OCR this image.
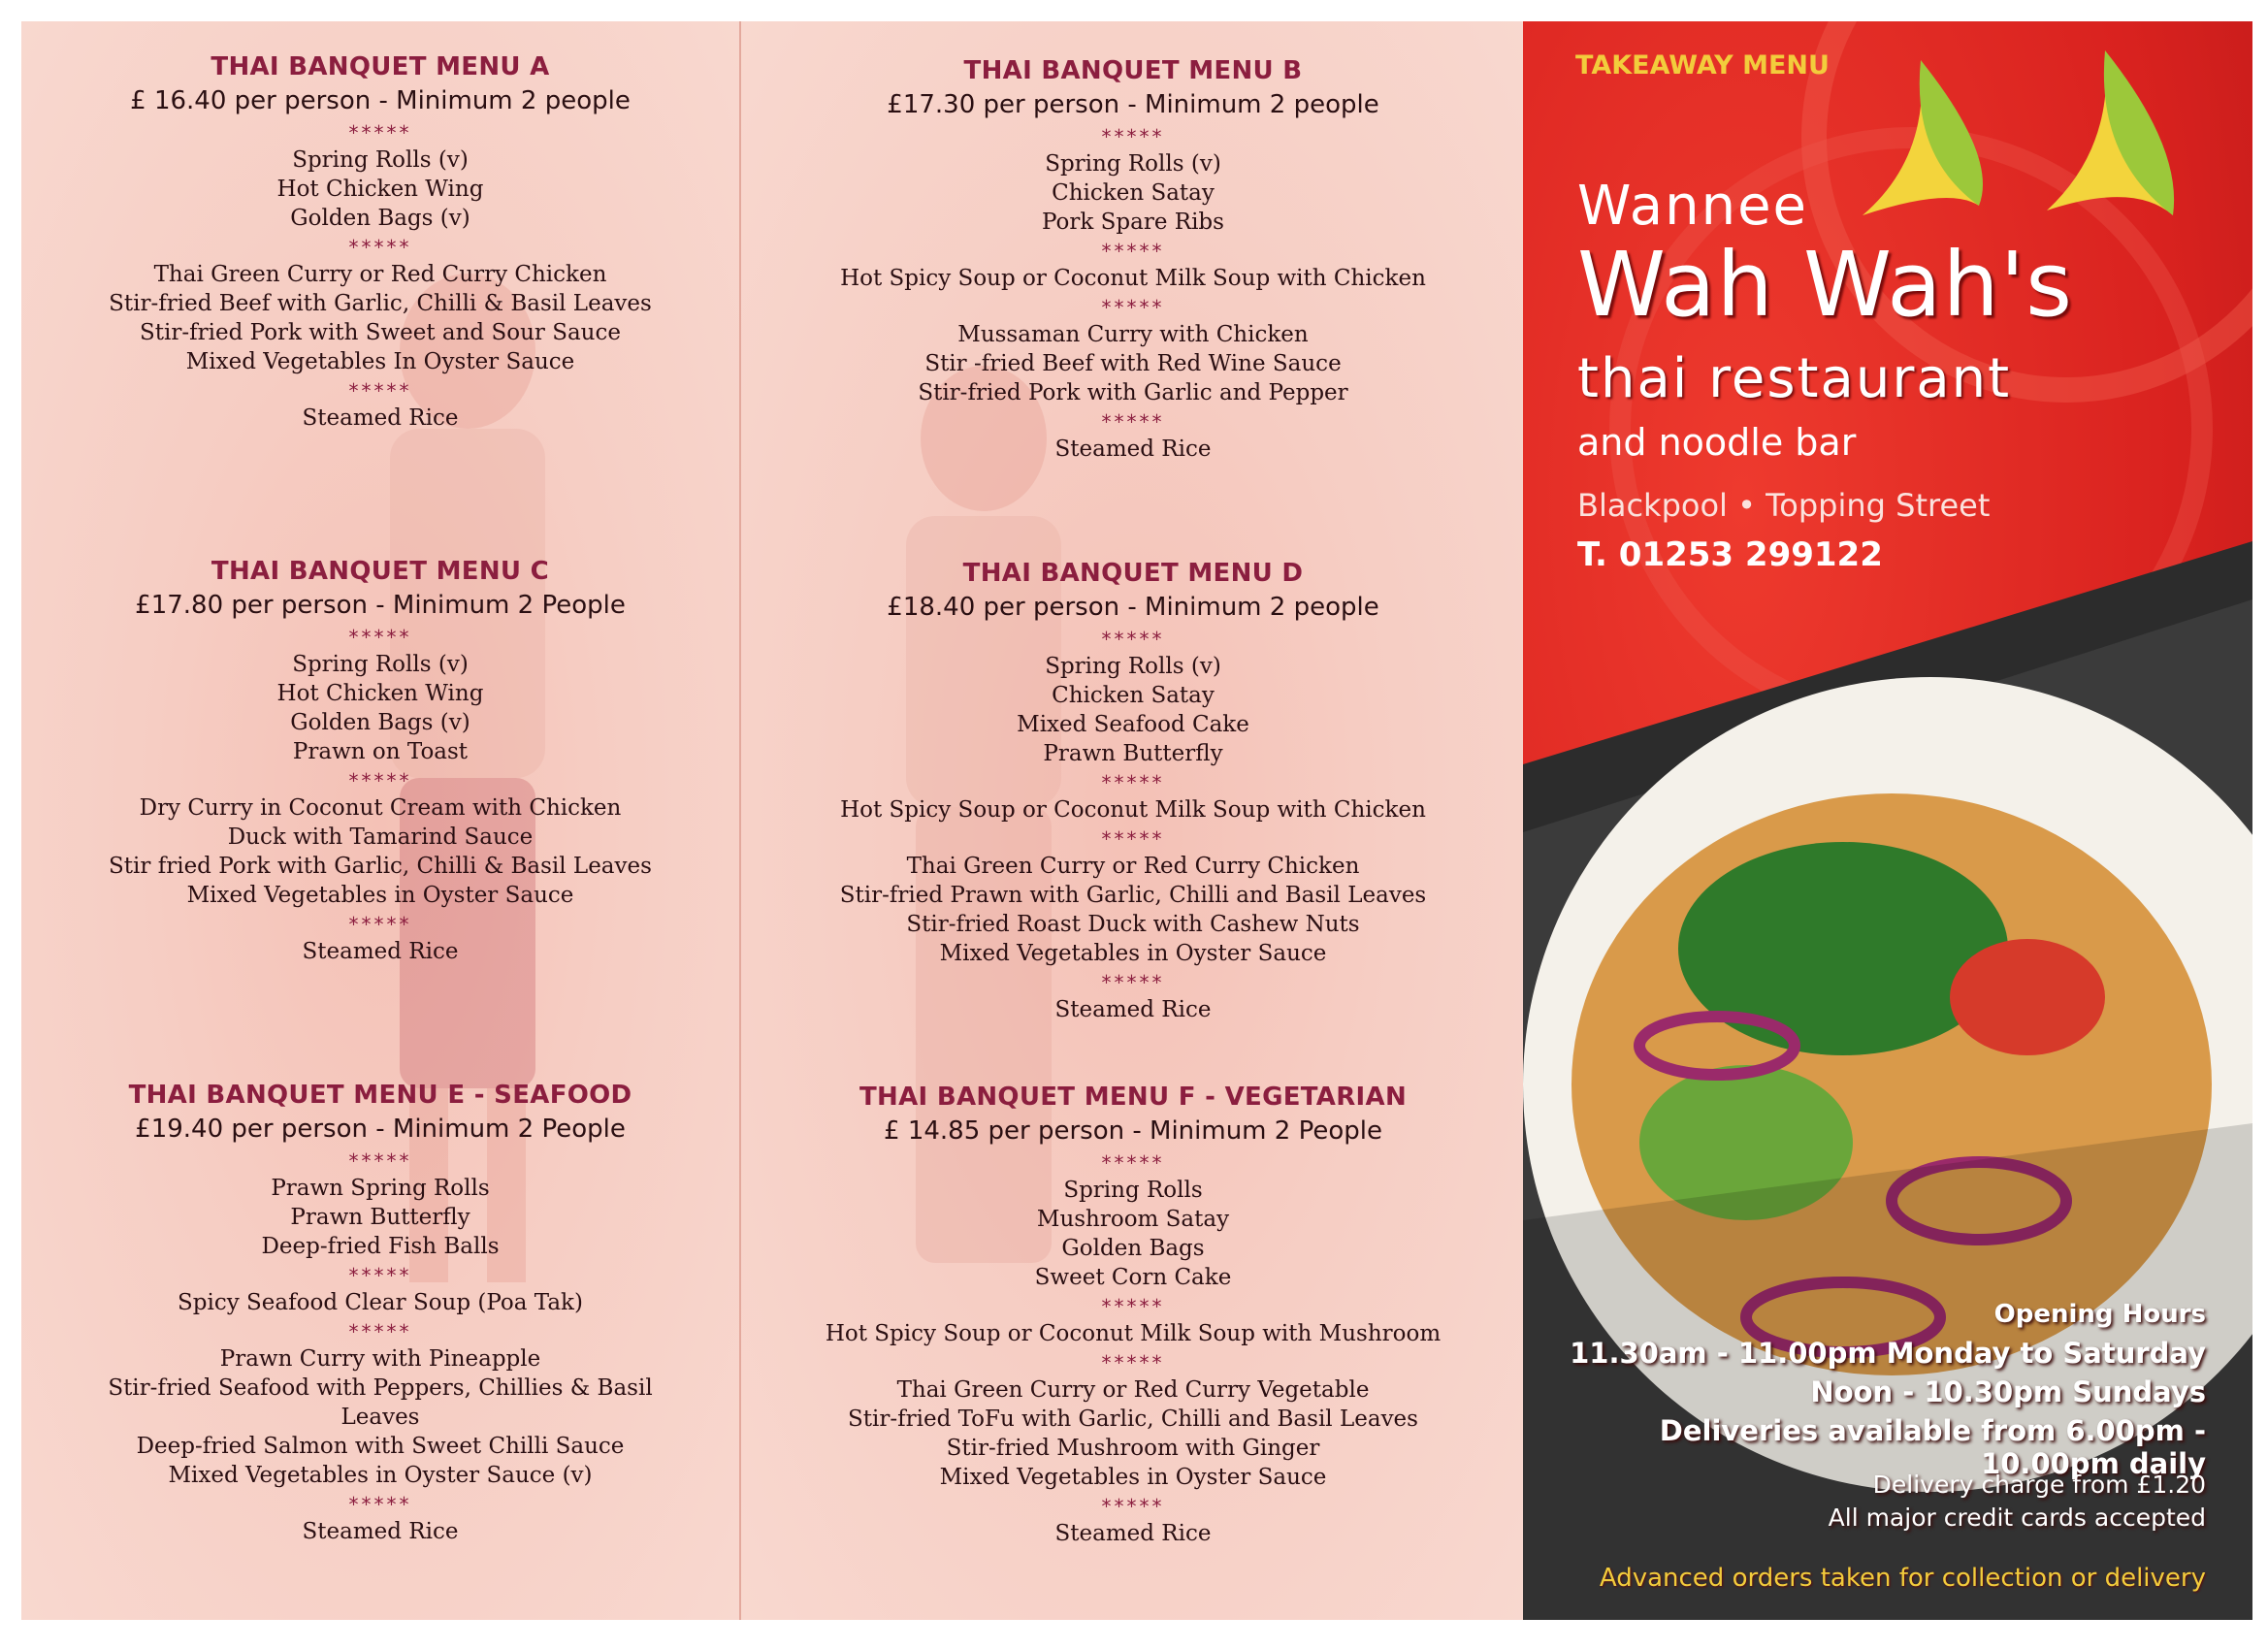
THAI BANQUET MENU A

£ 16.40 per person - Minimum 2 people

*****

Spring Rolls (v)

Hot Chicken Wing

Golden Bags (v)

*****

Thai Green Curry or Red Curry Chicken

Stir-fried Beef with Garlic, Chilli & Basil Leaves

Stir-fried Pork with Sweet and Sour Sauce

Mixed Vegetables In Oyster Sauce

*****

Steamed Rice

THAI BANQUET MENU C

£17.80 per person - Minimum 2 People

*****

Spring Rolls (v)

Hot Chicken Wing

Golden Bags (v)

Prawn on Toast

*****

Dry Curry in Coconut Cream with Chicken

Duck with Tamarind Sauce

Stir fried Pork with Garlic, Chilli & Basil Leaves

Mixed Vegetables in Oyster Sauce

*****

Steamed Rice

THAI BANQUET MENU E - SEAFOOD

£19.40 per person - Minimum 2 People

*****

Prawn Spring Rolls

Prawn Butterfly

Deep-fried Fish Balls

*****

Spicy Seafood Clear Soup (Poa Tak)

*****

Prawn Curry with Pineapple

Stir-fried Seafood with Peppers, Chillies & Basil

Leaves

Deep-fried Salmon with Sweet Chilli Sauce

Mixed Vegetables in Oyster Sauce (v)

*****

Steamed Rice

THAI BANQUET MENU B

£17.30 per person - Minimum 2 people

*****

Spring Rolls (v)

Chicken Satay

Pork Spare Ribs

*****

Hot Spicy Soup or Coconut Milk Soup with Chicken

*****

Mussaman Curry with Chicken

Stir -fried Beef with Red Wine Sauce

Stir-fried Pork with Garlic and Pepper

*****

Steamed Rice

THAI BANQUET MENU D

£18.40 per person - Minimum 2 people

*****

Spring Rolls (v)

Chicken Satay

Mixed Seafood Cake

Prawn Butterfly

*****

Hot Spicy Soup or Coconut Milk Soup with Chicken

*****

Thai Green Curry or Red Curry Chicken

Stir-fried Prawn with Garlic, Chilli and Basil Leaves

Stir-fried Roast Duck with Cashew Nuts

Mixed Vegetables in Oyster Sauce

*****

Steamed Rice

THAI BANQUET MENU F - VEGETARIAN

£ 14.85 per person - Minimum 2 People

*****

Spring Rolls

Mushroom Satay

Golden Bags

Sweet Corn Cake

*****

Hot Spicy Soup or Coconut Milk Soup with Mushroom

*****

Thai Green Curry or Red Curry Vegetable

Stir-fried ToFu with Garlic, Chilli and Basil Leaves

Stir-fried Mushroom with Ginger

Mixed Vegetables in Oyster Sauce

*****

Steamed Rice

TAKEAWAY MENU

Wannee

Wah Wah's

thai restaurant

and noodle bar

Blackpool • Topping Street

T. 01253 299122

Opening Hours

11.30am - 11.00pm Monday to Saturday

Noon - 10.30pm Sundays

Deliveries available from 6.00pm - 10.00pm daily

Delivery charge from £1.20

All major credit cards accepted

Advanced orders taken for collection or delivery
